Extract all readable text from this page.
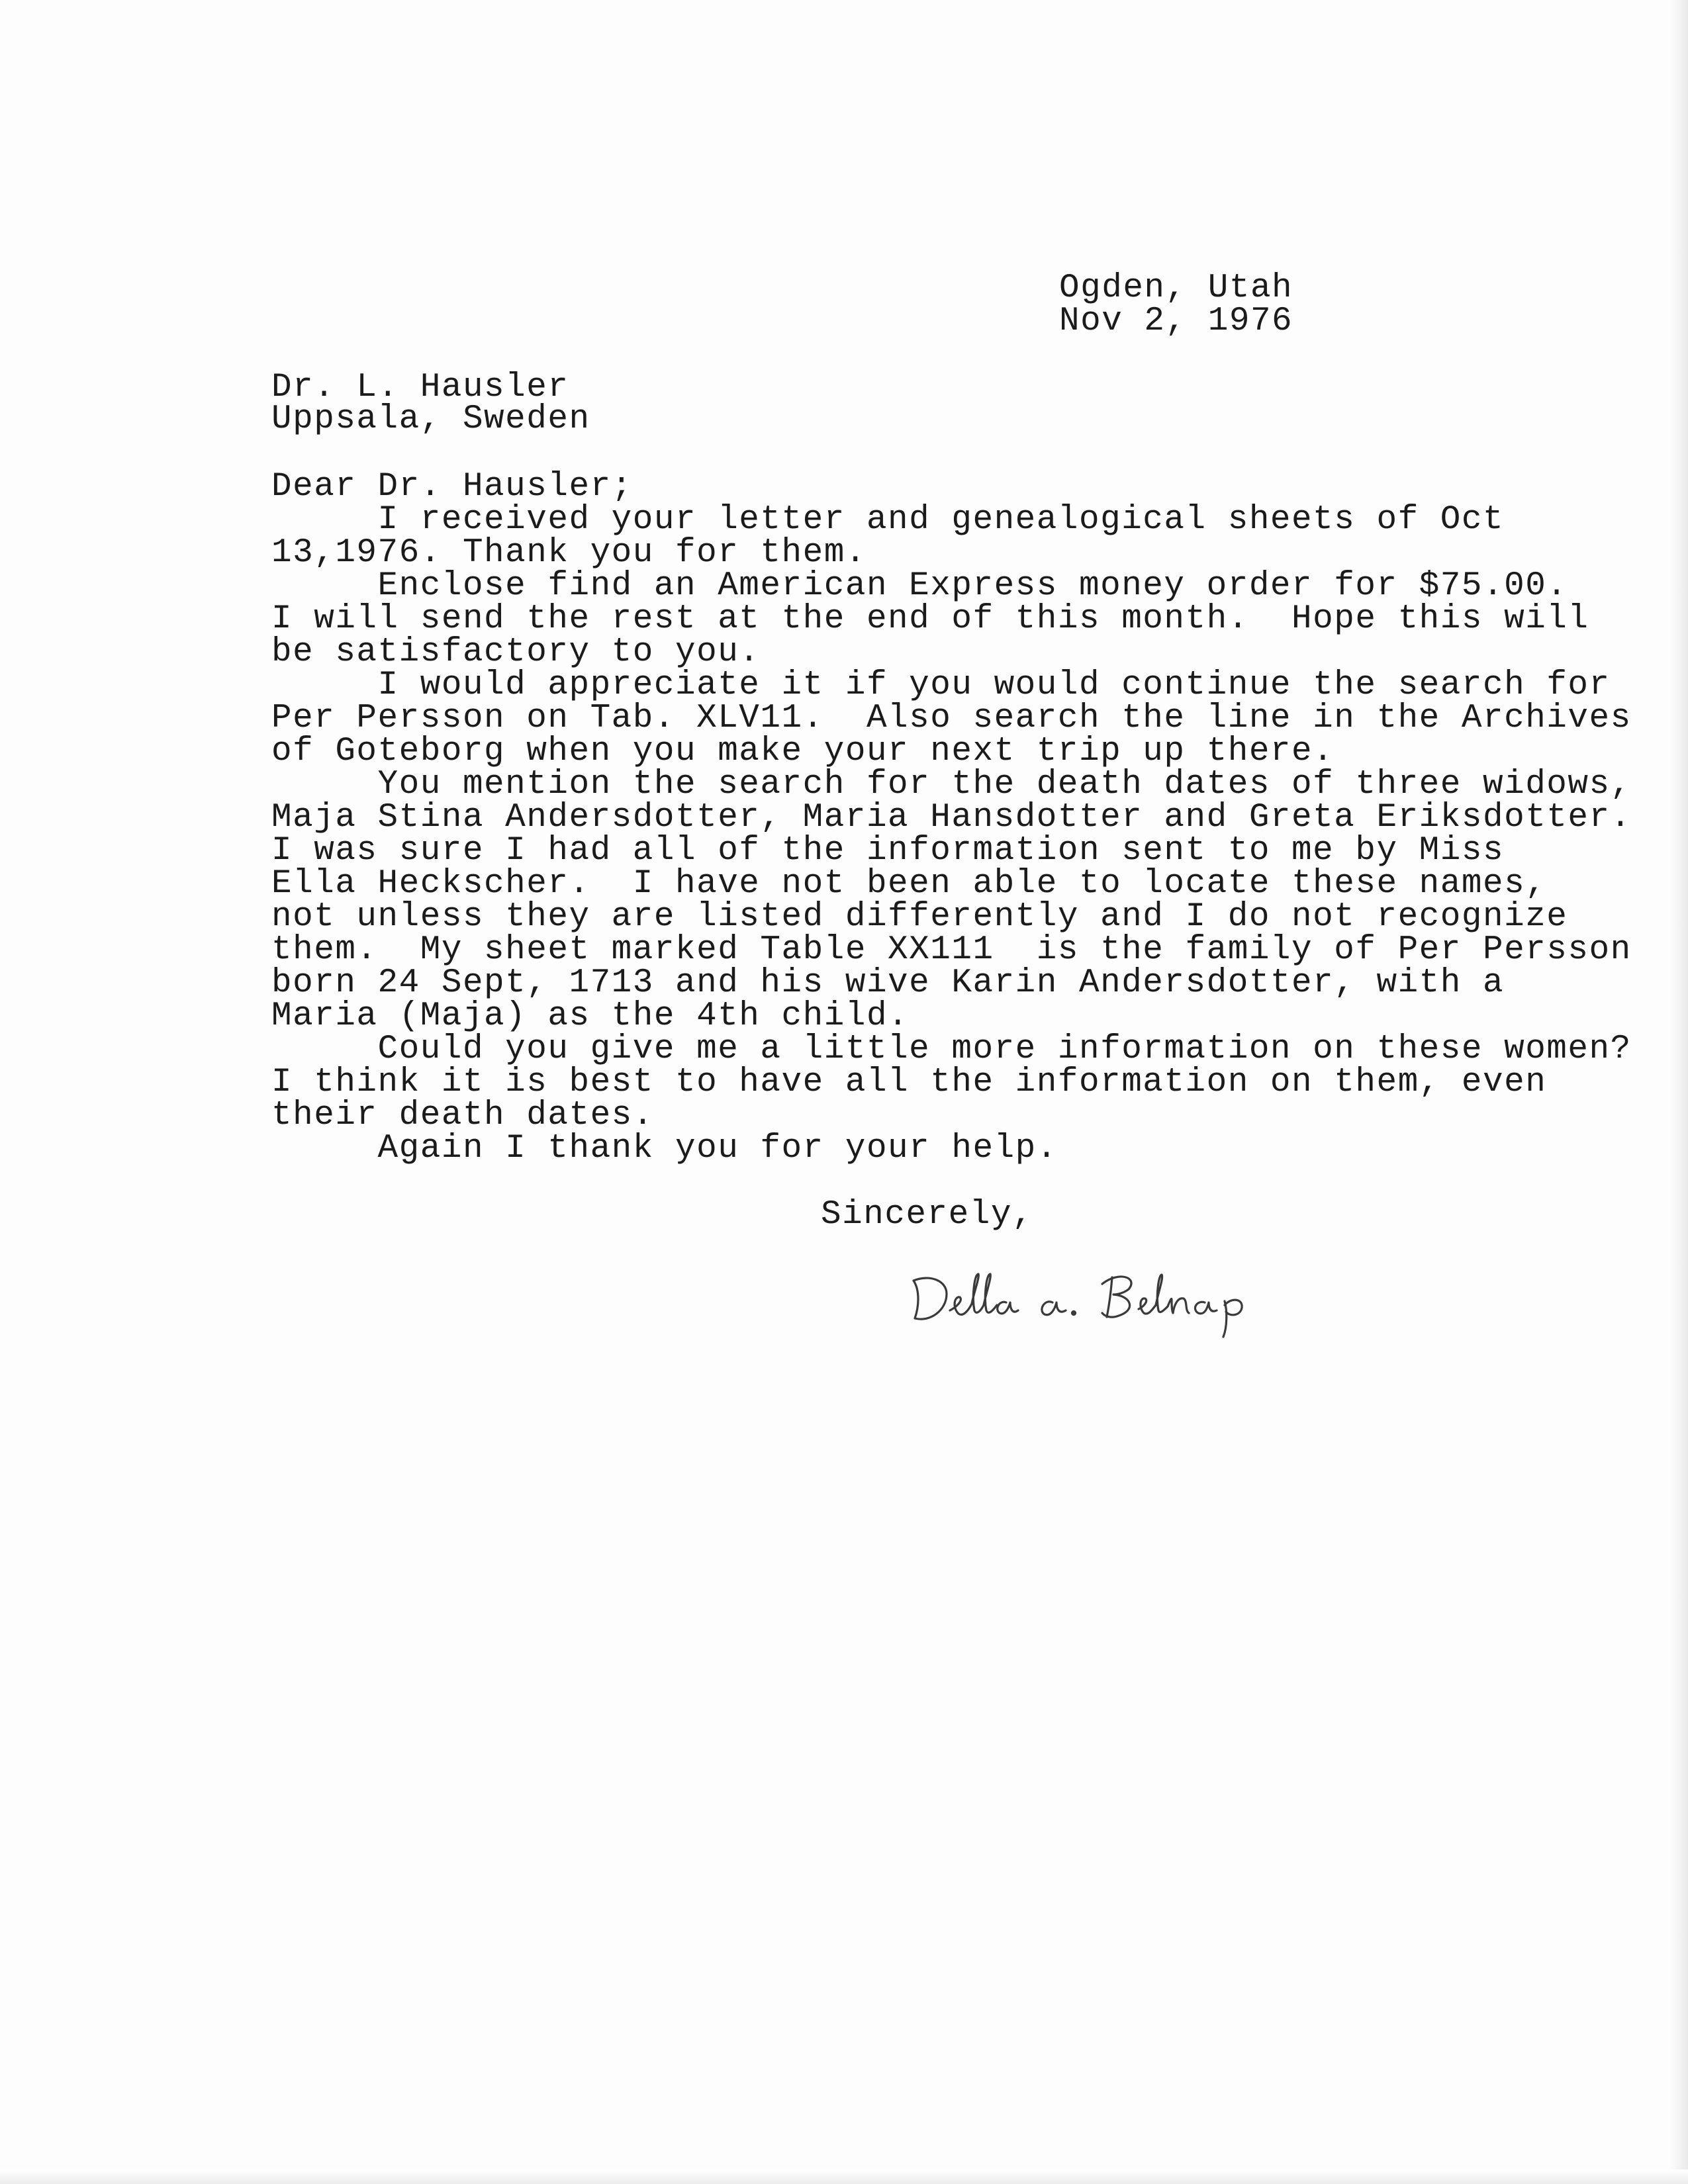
Ogden, Utah
Nov 2, 1976
Dr. L. Hausler
Uppsala, Sweden
Dear Dr. Hausler;
I received your letter and genealogical sheets of Oct
13,1976. Thank you for them.
Enclose find an American Express money order for $75.00.
I will send the rest at the end of this month.  Hope this will
be satisfactory to you.
I would appreciate it if you would continue the search for
Per Persson on Tab. XLV11.  Also search the line in the Archives
of Goteborg when you make your next trip up there.
You mention the search for the death dates of three widows,
Maja Stina Andersdotter, Maria Hansdotter and Greta Eriksdotter.
I was sure I had all of the information sent to me by Miss
Ella Heckscher.  I have not been able to locate these names,
not unless they are listed differently and I do not recognize
them.  My sheet marked Table XX111  is the family of Per Persson
born 24 Sept, 1713 and his wive Karin Andersdotter, with a
Maria (Maja) as the 4th child.
Could you give me a little more information on these women?
I think it is best to have all the information on them, even
their death dates.
Again I thank you for your help.
Sincerely,
